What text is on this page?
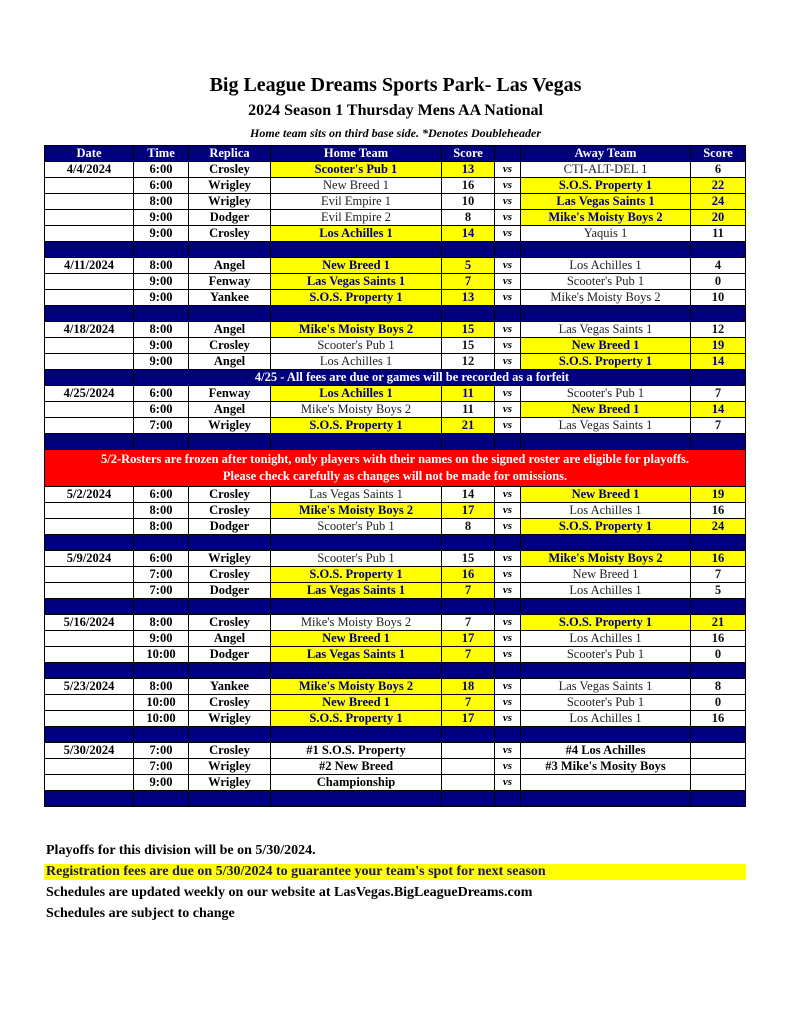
Big League Dreams Sports Park- Las Vegas
2024 Season 1 Thursday Mens AA National
Home team sits on third base side. *Denotes Doubleheader
Date	Time	Replica	Home Team	Score		Away Team	Score
4/4/2024	6:00	Crosley	Scooter's Pub 1	13	vs	CTI-ALT-DEL 1	6
	6:00	Wrigley	New Breed 1	16	vs	S.O.S. Property 1	22
	8:00	Wrigley	Evil Empire 1	10	vs	Las Vegas Saints 1	24
	9:00	Dodger	Evil Empire 2	8	vs	Mike's Moisty Boys 2	20
	9:00	Crosley	Los Achilles 1	14	vs	Yaquis 1	11

4/11/2024	8:00	Angel	New Breed 1	5	vs	Los Achilles 1	4
	9:00	Fenway	Las Vegas Saints 1	7	vs	Scooter's Pub 1	0
	9:00	Yankee	S.O.S. Property 1	13	vs	Mike's Moisty Boys 2	10

4/18/2024	8:00	Angel	Mike's Moisty Boys 2	15	vs	Las Vegas Saints 1	12
	9:00	Crosley	Scooter's Pub 1	15	vs	New Breed 1	19
	9:00	Angel	Los Achilles 1	12	vs	S.O.S. Property 1	14
	4/25 - All fees are due or games will be recorded as a forfeit						
4/25/2024	6:00	Fenway	Los Achilles 1	11	vs	Scooter's Pub 1	7
	6:00	Angel	Mike's Moisty Boys 2	11	vs	New Breed 1	14
	7:00	Wrigley	S.O.S. Property 1	21	vs	Las Vegas Saints 1	7

5/2-Rosters are frozen after tonight, only players with their names on the signed roster are eligible for playoffs.
Please check carefully as changes will not be made for omissions.							

5/2/2024	6:00	Crosley	Las Vegas Saints 1	14	vs	New Breed 1	19
	8:00	Crosley	Mike's Moisty Boys 2	17	vs	Los Achilles 1	16
	8:00	Dodger	Scooter's Pub 1	8	vs	S.O.S. Property 1	24

5/9/2024	6:00	Wrigley	Scooter's Pub 1	15	vs	Mike's Moisty Boys 2	16
	7:00	Crosley	S.O.S. Property 1	16	vs	New Breed 1	7
	7:00	Dodger	Las Vegas Saints 1	7	vs	Los Achilles 1	5

5/16/2024	8:00	Crosley	Mike's Moisty Boys 2	7	vs	S.O.S. Property 1	21
	9:00	Angel	New Breed 1	17	vs	Los Achilles 1	16
	10:00	Dodger	Las Vegas Saints 1	7	vs	Scooter's Pub 1	0

5/23/2024	8:00	Yankee	Mike's Moisty Boys 2	18	vs	Las Vegas Saints 1	8
	10:00	Crosley	New Breed 1	7	vs	Scooter's Pub 1	0
	10:00	Wrigley	S.O.S. Property 1	17	vs	Los Achilles 1	16

5/30/2024	7:00	Crosley	#1 S.O.S. Property		vs	#4 Los Achilles	
	7:00	Wrigley	#2 New Breed		vs	#3 Mike's Mosity Boys	
	9:00	Wrigley	Championship		vs		

Playoffs for this division will be on 5/30/2024.
Registration fees are due on 5/30/2024 to guarantee your team's spot for next season
Schedules are updated weekly on our website at LasVegas.BigLeagueDreams.com
Schedules are subject to change
